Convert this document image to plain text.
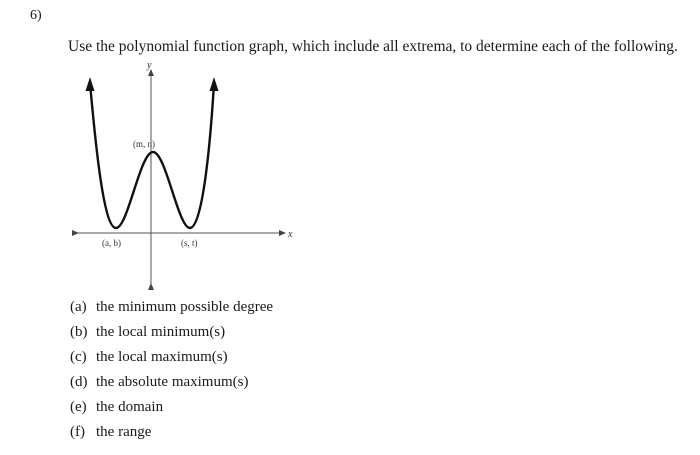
6)
Use the polynomial function graph, which include all extrema, to determine each of the following.
y
x
(m, n)
(a, b)	(s, t)
(a) the minimum possible degree
(b) the local minimum(s)
(c) the local maximum(s)
(d) the absolute maximum(s)
(e) the domain
(f) the range
